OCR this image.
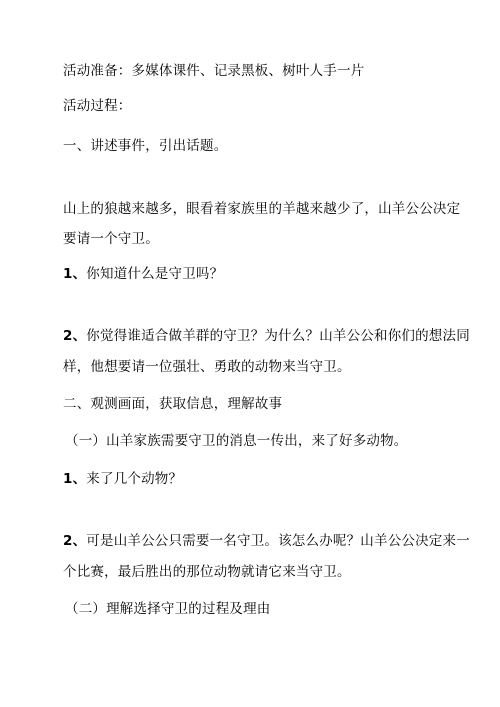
活动准备：多媒体课件、记录黑板、树叶人手一片
活动过程：
一、讲述事件，引出话题。
山上的狼越来越多，眼看着家族里的羊越来越少了，山羊公公决定
要请一个守卫。
1、你知道什么是守卫吗？
2、你觉得谁适合做羊群的守卫？为什么？山羊公公和你们的想法同
样，他想要请一位强壮、勇敢的动物来当守卫。
二、观测画面，获取信息，理解故事
（一）山羊家族需要守卫的消息一传出，来了好多动物。
1、来了几个动物？
2、可是山羊公公只需要一名守卫。该怎么办呢？山羊公公决定来一
个比赛，最后胜出的那位动物就请它来当守卫。
（二）理解选择守卫的过程及理由
